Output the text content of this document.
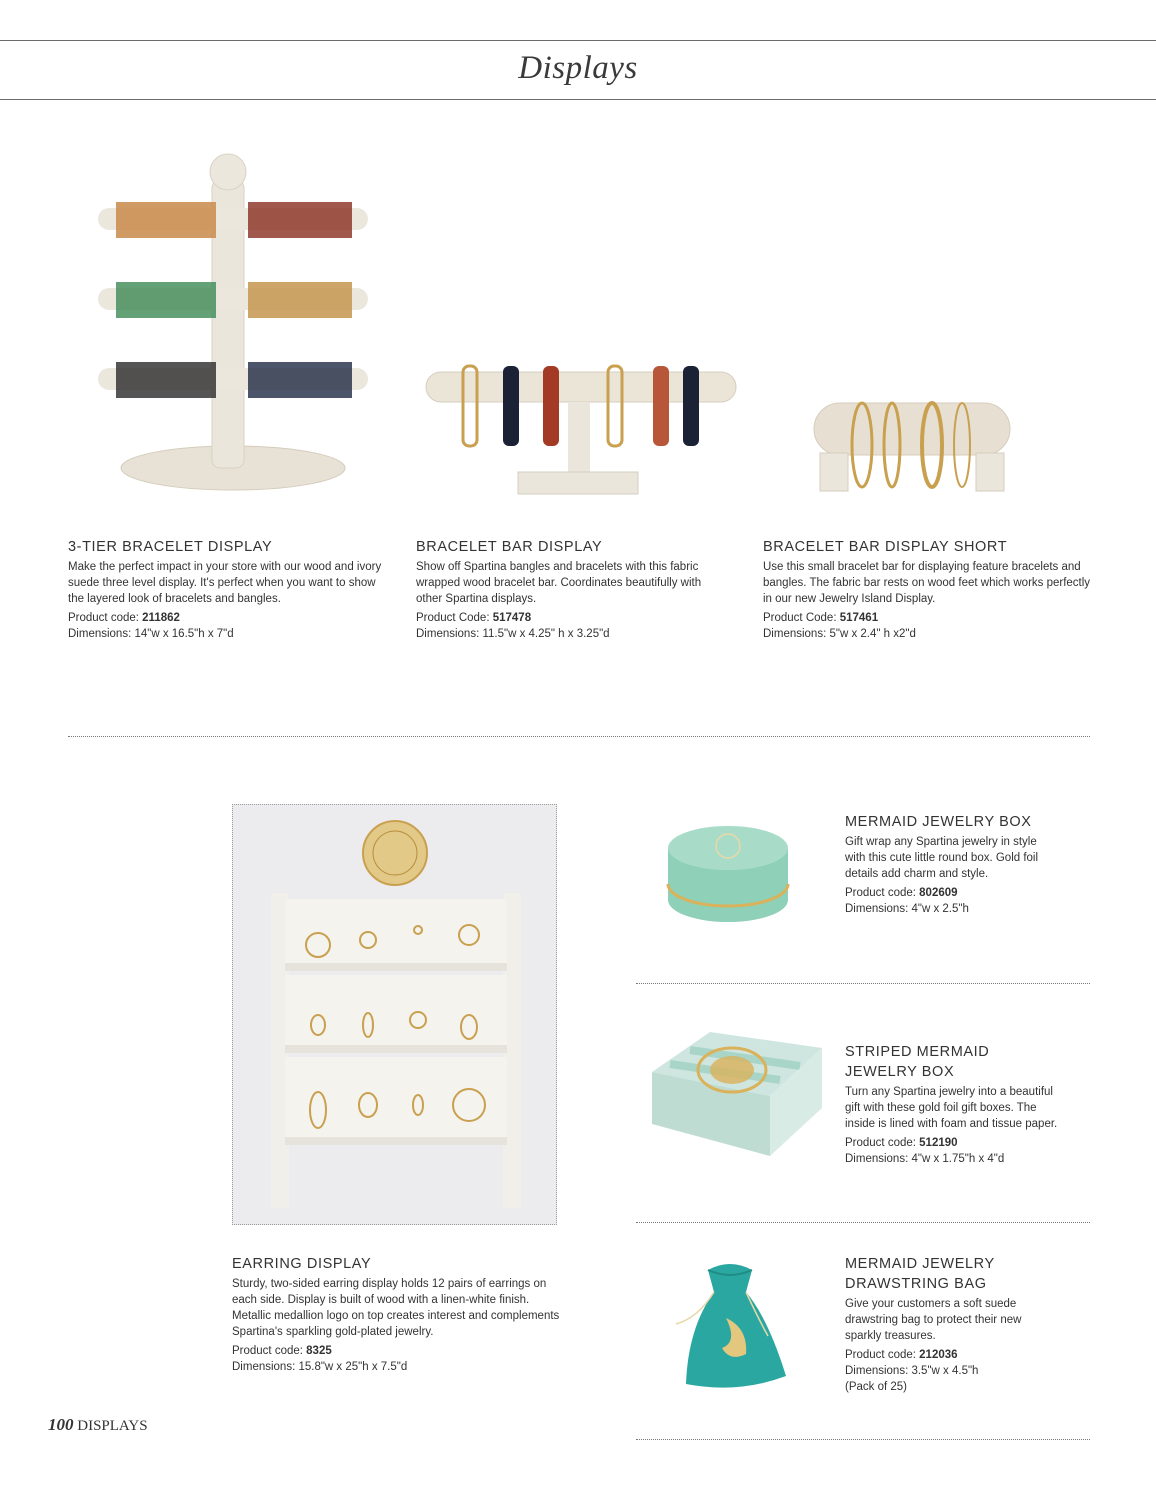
Displays
3-TIER BRACELET DISPLAY

Make the perfect impact in your store with our wood and ivory suede three level display. It's perfect when you want to show the layered look of bracelets and bangles.

Product code: 211862
Dimensions: 14"w x 16.5"h x 7"d
BRACELET BAR DISPLAY

Show off Spartina bangles and bracelets with this fabric wrapped wood bracelet bar. Coordinates beautifully with other Spartina displays.

Product Code: 517478
Dimensions: 11.5"w x 4.25" h x 3.25"d
BRACELET BAR DISPLAY SHORT

Use this small bracelet bar for displaying feature bracelets and bangles. The fabric bar rests on wood feet which works perfectly in our new Jewelry Island Display.

Product Code: 517461
Dimensions: 5"w x 2.4" h x2"d
EARRING DISPLAY

Sturdy, two-sided earring display holds 12 pairs of earrings on each side. Display is built of wood with a linen-white finish. Metallic medallion logo on top creates interest and complements Spartina's sparkling gold-plated jewelry.

Product code: 8325
Dimensions: 15.8"w x 25"h x 7.5"d
MERMAID JEWELRY BOX

Gift wrap any Spartina jewelry in style with this cute little round box. Gold foil details add charm and style.

Product code: 802609
Dimensions: 4"w x 2.5"h
STRIPED MERMAID JEWELRY BOX

Turn any Spartina jewelry into a beautiful gift with these gold foil gift boxes. The inside is lined with foam and tissue paper.

Product code: 512190
Dimensions: 4"w x 1.75"h x 4"d
MERMAID JEWELRY DRAWSTRING BAG

Give your customers a soft suede drawstring bag to protect their new sparkly treasures.

Product code: 212036
Dimensions: 3.5"w x 4.5"h
(Pack of 25)
100 DISPLAYS
